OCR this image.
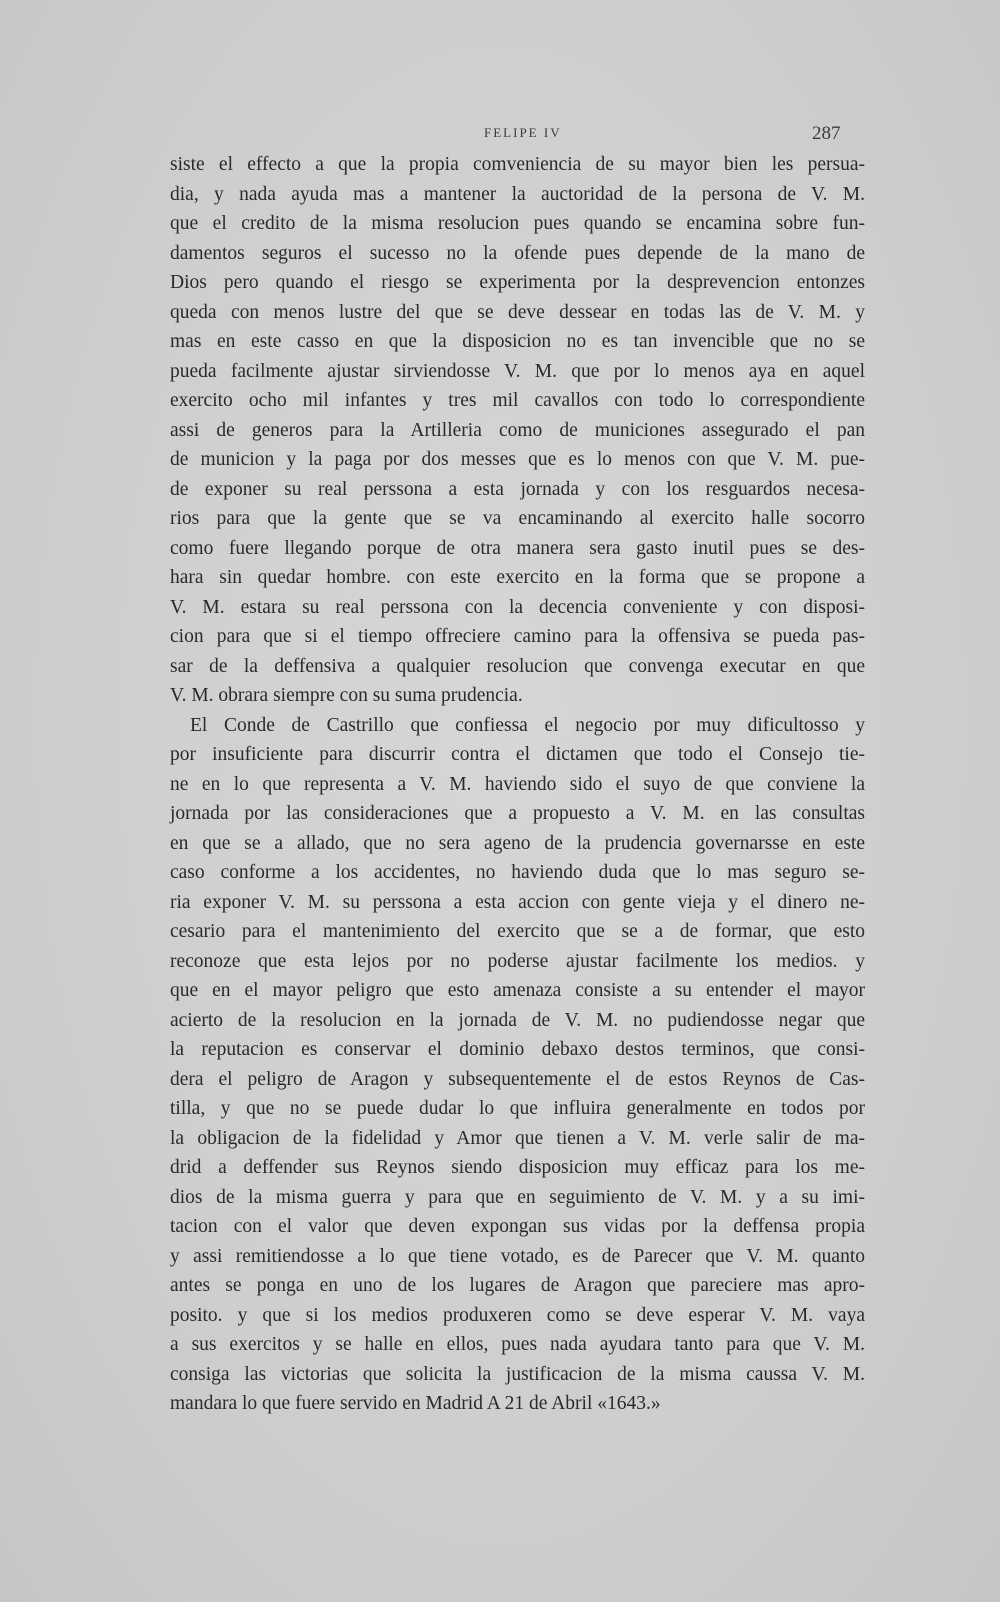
FELIPE IV	287
siste el effecto a que la propia comveniencia de su mayor bien les persua-
dia, y nada ayuda mas a mantener la auctoridad de la persona de V. M.
que el credito de la misma resolucion pues quando se encamina sobre fun-
damentos seguros el sucesso no la ofende pues depende de la mano de
Dios pero quando el riesgo se experimenta por la desprevencion entonzes
queda con menos lustre del que se deve dessear en todas las de V. M. y
mas en este casso en que la disposicion no es tan invencible que no se
pueda facilmente ajustar sirviendosse V. M. que por lo menos aya en aquel
exercito ocho mil infantes y tres mil cavallos con todo lo correspondiente
assi de generos para la Artilleria como de municiones assegurado el pan
de municion y la paga por dos messes que es lo menos con que V. M. pue-
de exponer su real perssona a esta jornada y con los resguardos necesa-
rios para que la gente que se va encaminando al exercito halle socorro
como fuere llegando porque de otra manera sera gasto inutil pues se des-
hara sin quedar hombre. con este exercito en la forma que se propone a
V. M. estara su real perssona con la decencia conveniente y con disposi-
cion para que si el tiempo offreciere camino para la offensiva se pueda pas-
sar de la deffensiva a qualquier resolucion que convenga executar en que
V. M. obrara siempre con su suma prudencia.
El Conde de Castrillo que confiessa el negocio por muy dificultosso y
por insuficiente para discurrir contra el dictamen que todo el Consejo tie-
ne en lo que representa a V. M. haviendo sido el suyo de que conviene la
jornada por las consideraciones que a propuesto a V. M. en las consultas
en que se a allado, que no sera ageno de la prudencia governarsse en este
caso conforme a los accidentes, no haviendo duda que lo mas seguro se-
ria exponer V. M. su perssona a esta accion con gente vieja y el dinero ne-
cesario para el mantenimiento del exercito que se a de formar, que esto
reconoze que esta lejos por no poderse ajustar facilmente los medios. y
que en el mayor peligro que esto amenaza consiste a su entender el mayor
acierto de la resolucion en la jornada de V. M. no pudiendosse negar que
la reputacion es conservar el dominio debaxo destos terminos, que consi-
dera el peligro de Aragon y subsequentemente el de estos Reynos de Cas-
tilla, y que no se puede dudar lo que influira generalmente en todos por
la obligacion de la fidelidad y Amor que tienen a V. M. verle salir de ma-
drid a deffender sus Reynos siendo disposicion muy efficaz para los me-
dios de la misma guerra y para que en seguimiento de V. M. y a su imi-
tacion con el valor que deven expongan sus vidas por la deffensa propia
y assi remitiendosse a lo que tiene votado, es de Parecer que V. M. quanto
antes se ponga en uno de los lugares de Aragon que pareciere mas apro-
posito. y que si los medios produxeren como se deve esperar V. M. vaya
a sus exercitos y se halle en ellos, pues nada ayudara tanto para que V. M.
consiga las victorias que solicita la justificacion de la misma caussa V. M.
mandara lo que fuere servido en Madrid A 21 de Abril «1643.»
